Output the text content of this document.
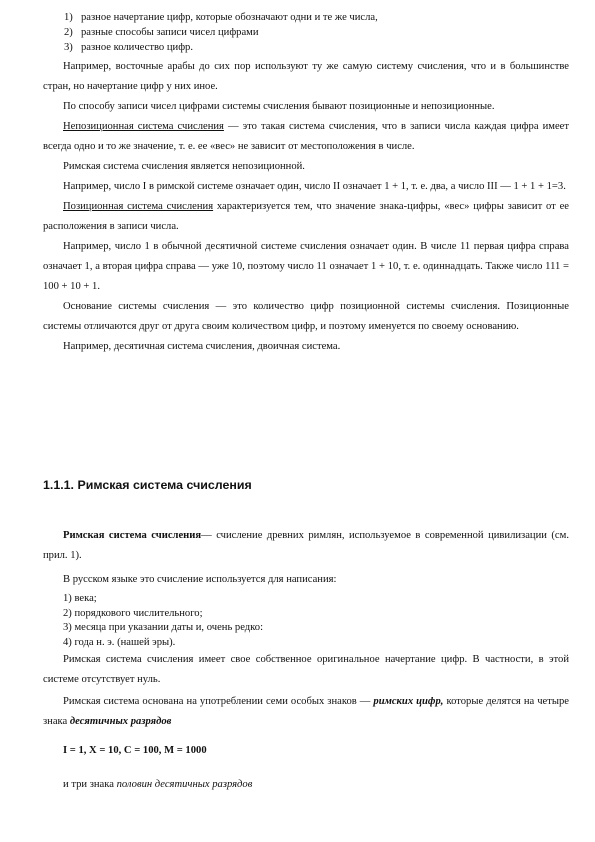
1) разное начертание цифр, которые обозначают одни и те же числа,
2) разные способы записи чисел цифрами
3) разное количество цифр.

Например, восточные арабы до сих пор используют ту же самую систему счисления, что и в большинстве стран, но начертание цифр у них иное.

По способу записи чисел цифрами системы счисления бывают позиционные и непозиционные.

Непозиционная система счисления — это такая система счисления, что в записи числа каждая цифра имеет всегда одно и то же значение, т. е. ее «вес» не зависит от местоположения в числе.

Римская система счисления является непозиционной.

Например, число I в римской системе означает один, число II означает 1 + 1, т. е. два, а число III — 1 + 1 + 1=3.

Позиционная система счисления характеризуется тем, что значение знака-цифры, «вес» цифры зависит от ее расположения в записи числа.

Например, число 1 в обычной десятичной системе счисления означает один. В числе 11 первая цифра справа означает 1, а вторая цифра справа — уже 10, поэтому число 11 означает 1 + 10, т. е. одиннадцать. Также число 111 = 100 + 10 + 1.

Основание системы счисления — это количество цифр позиционной системы счисления. Позиционные системы отличаются друг от друга своим количеством цифр, и поэтому именуется по своему основанию.

Например, десятичная система счисления, двоичная система.

1.1.1. Римская система счисления

Римская система счисления— счисление древних римлян, используемое в современной цивилизации (см. прил. 1).

В русском языке это счисление используется для написания:
1) века;
2) порядкового числительного;
3) месяца при указании даты и, очень редко:
4) года н. э. (нашей эры).

Римская система счисления имеет свое собственное оригинальное начертание цифр. В частности, в этой системе отсутствует нуль.

Римская система основана на употреблении семи особых знаков — римских цифр, которые делятся на четыре знака десятичных разрядов

I = 1, X = 10, C = 100, M = 1000
и три знака половин десятичных разрядов
